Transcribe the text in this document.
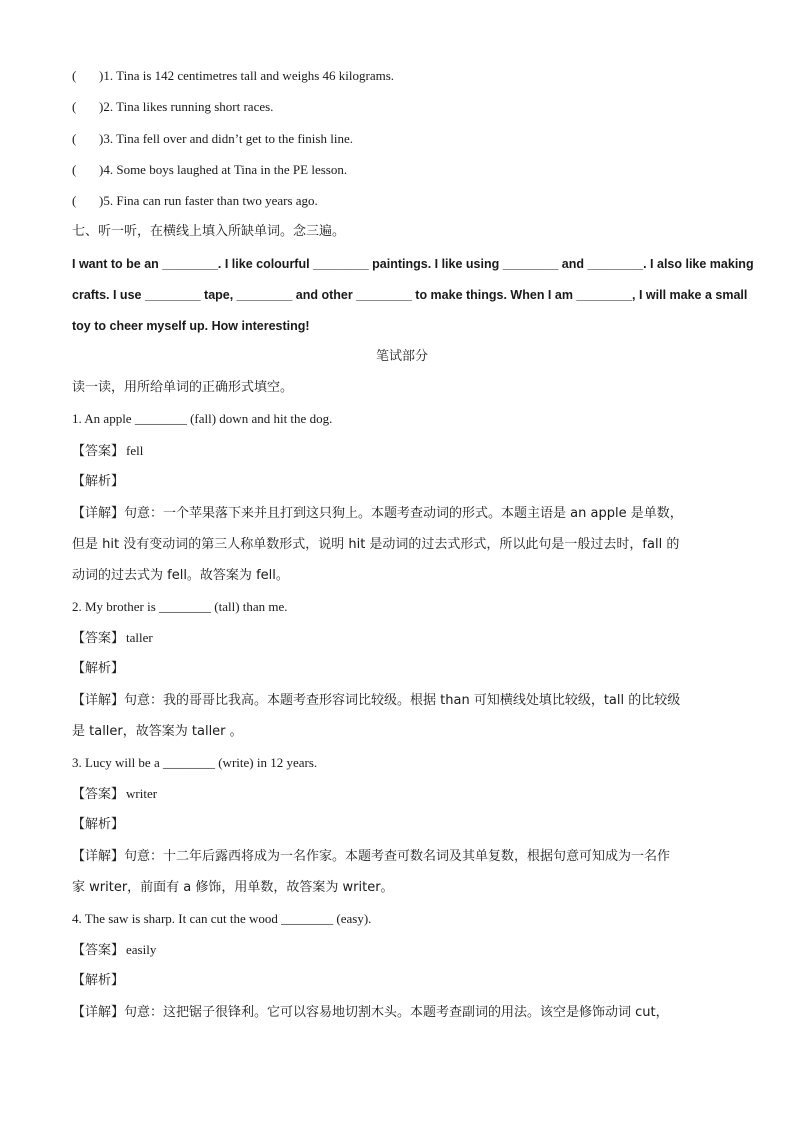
( )1. Tina is 142 centimetres tall and weighs 46 kilograms.
( )2. Tina likes running short races.
( )3. Tina fell over and didn’t get to the finish line.
( )4. Some boys laughed at Tina in the PE lesson.
( )5. Fina can run faster than two years ago.
七、听一听，在横线上填入所缺单词。念三遍。
I want to be an ________. I like colourful ________ paintings. I like using ________ and ________. I also like making
crafts. I use ________ tape, ________ and other ________ to make things. When I am ________, I will make a small
toy to cheer myself up. How interesting!
笔试部分
读一读，用所给单词的正确形式填空。
1. An apple ________ (fall) down and hit the dog.
【答案】 fell
【解析】
【详解】句意：一个苹果落下来并且打到这只狗上。本题考查动词的形式。本题主语是 an apple 是单数，
但是 hit 没有变动词的第三人称单数形式，说明 hit 是动词的过去式形式，所以此句是一般过去时，fall 的
动词的过去式为 fell。故答案为 fell。
2. My brother is ________ (tall) than me.
【答案】 taller
【解析】
【详解】句意：我的哥哥比我高。本题考查形容词比较级。根据 than 可知横线处填比较级，tall 的比较级
是 taller，故答案为 taller 。
3. Lucy will be a ________ (write) in 12 years.
【答案】 writer
【解析】
【详解】句意：十二年后露西将成为一名作家。本题考查可数名词及其单复数，根据句意可知成为一名作
家 writer，前面有 a 修饰，用单数，故答案为 writer。
4. The saw is sharp. It can cut the wood ________ (easy).
【答案】 easily
【解析】
【详解】句意：这把锯子很锋利。它可以容易地切割木头。本题考查副词的用法。该空是修饰动词 cut，
